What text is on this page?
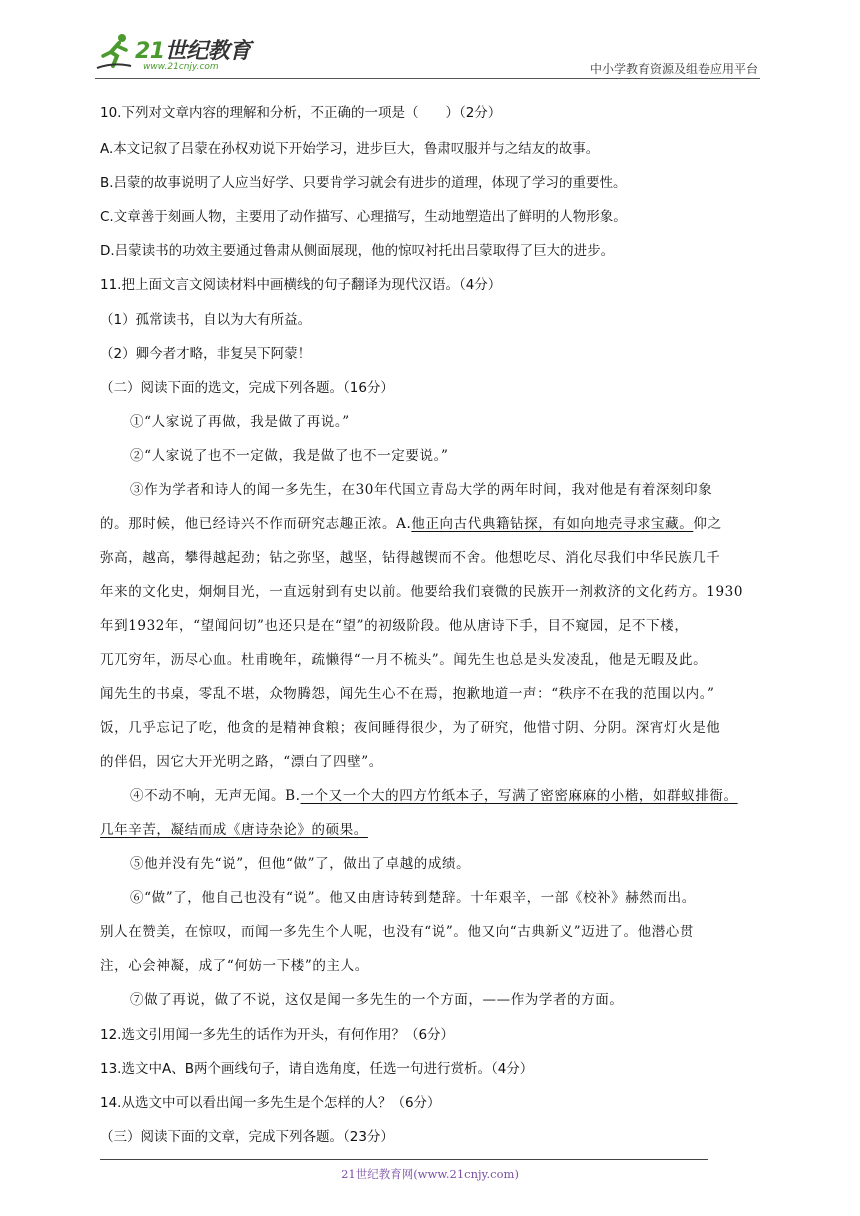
21世纪教育
www.21cnjy.com	中小学教育资源及组卷应用平台
10.下列对文章内容的理解和分析，不正确的一项是（　　）（2分）
A.本文记叙了吕蒙在孙权劝说下开始学习，进步巨大，鲁肃叹服并与之结友的故事。
B.吕蒙的故事说明了人应当好学、只要肯学习就会有进步的道理，体现了学习的重要性。
C.文章善于刻画人物，主要用了动作描写、心理描写，生动地塑造出了鲜明的人物形象。
D.吕蒙读书的功效主要通过鲁肃从侧面展现，他的惊叹衬托出吕蒙取得了巨大的进步。
11.把上面文言文阅读材料中画横线的句子翻译为现代汉语。（4分）
（1）孤常读书，自以为大有所益。
（2）卿今者才略，非复吴下阿蒙！
（二）阅读下面的选文，完成下列各题。（16分）
①“人家说了再做，我是做了再说。”
②“人家说了也不一定做，我是做了也不一定要说。”
③作为学者和诗人的闻一多先生，在30年代国立青岛大学的两年时间，我对他是有着深刻印象
的。那时候，他已经诗兴不作而研究志趣正浓。A.他正向古代典籍钻探，有如向地壳寻求宝藏。仰之
弥高，越高，攀得越起劲；钻之弥坚，越坚，钻得越锲而不舍。他想吃尽、消化尽我们中华民族几千
年来的文化史，炯炯目光，一直远射到有史以前。他要给我们衰微的民族开一剂救济的文化药方。1930
年到1932年，“望闻问切”也还只是在“望”的初级阶段。他从唐诗下手，目不窥园，足不下楼，
兀兀穷年，沥尽心血。杜甫晚年，疏懒得“一月不梳头”。闻先生也总是头发凌乱，他是无暇及此。
闻先生的书桌，零乱不堪，众物腾怨，闻先生心不在焉，抱歉地道一声：“秩序不在我的范围以内。”
饭，几乎忘记了吃，他贪的是精神食粮；夜间睡得很少，为了研究，他惜寸阴、分阴。深宵灯火是他
的伴侣，因它大开光明之路，“漂白了四壁”。
④不动不响，无声无闻。B.一个又一个大的四方竹纸本子，写满了密密麻麻的小楷，如群蚁排衙。
几年辛苦，凝结而成《唐诗杂论》的硕果。
⑤他并没有先“说”，但他“做”了，做出了卓越的成绩。
⑥“做”了，他自己也没有“说”。他又由唐诗转到楚辞。十年艰辛，一部《校补》赫然而出。
别人在赞美，在惊叹，而闻一多先生个人呢，也没有“说”。他又向“古典新义”迈进了。他潜心贯
注，心会神凝，成了“何妨一下楼”的主人。
⑦做了再说，做了不说，这仅是闻一多先生的一个方面，——作为学者的方面。
12.选文引用闻一多先生的话作为开头，有何作用？（6分）
13.选文中A、B两个画线句子，请自选角度，任选一句进行赏析。（4分）
14.从选文中可以看出闻一多先生是个怎样的人？（6分）
（三）阅读下面的文章，完成下列各题。（23分）
21世纪教育网(www.21cnjy.com)
